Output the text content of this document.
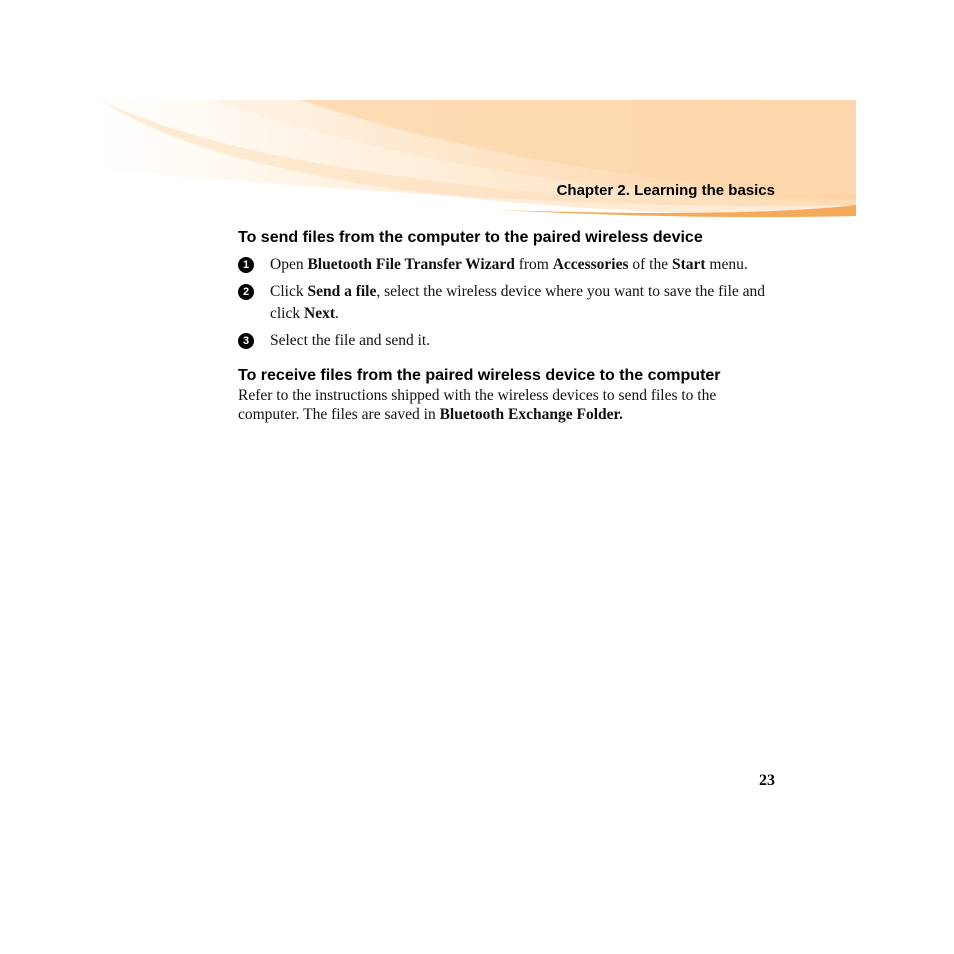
Chapter 2. Learning the basics
To send files from the computer to the paired wireless device
1	Open Bluetooth File Transfer Wizard from Accessories of the Start menu.
2	Click Send a file, select the wireless device where you want to save the file and click Next.
3	Select the file and send it.
To receive files from the paired wireless device to the computer

Refer to the instructions shipped with the wireless devices to send files to the computer. The files are saved in Bluetooth Exchange Folder.

23
